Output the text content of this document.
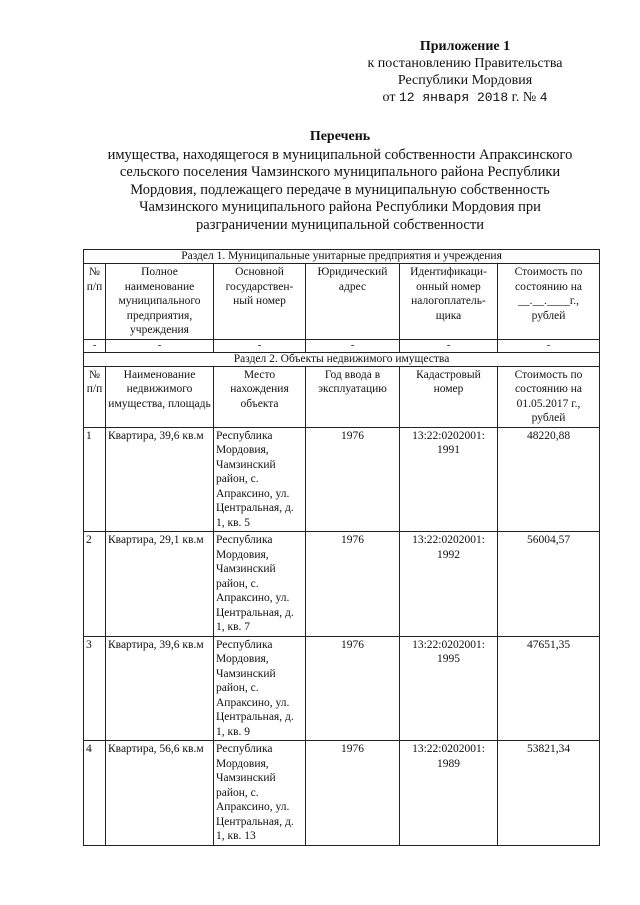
Приложение 1
к постановлению Правительства
Республики Мордовия
от 12 января 2018 г. № 4
Перечень
имущества, находящегося в муниципальной собственности Апраксинского
сельского поселения Чамзинского муниципального района Республики
Мордовия, подлежащего передаче в муниципальную собственность
Чамзинского муниципального района Республики Мордовия при
разграничении муниципальной собственности
Раздел 1. Муниципальные унитарные предприятия и учреждения					
№ п/п	Полное наименование муниципального предприятия, учреждения	Основной государствен-ный номер	Юридический адрес	Идентификаци-онный номер налогоплатель-щика	Стоимость по состоянию на __.__.____г., рублей
-	-	-	-	-	-
Раздел 2. Объекты недвижимого имущества					
№ п/п	Наименование недвижимого имущества, площадь	Место нахождения объекта	Год ввода в эксплуатацию	Кадастровый номер	Стоимость по состоянию на 01.05.2017 г., рублей
1	Квартира, 39,6 кв.м	Республика Мордовия, Чамзинский район, с. Апраксино, ул. Центральная, д. 1, кв. 5	1976	13:22:0202001: 1991	48220,88
2	Квартира, 29,1 кв.м	Республика Мордовия, Чамзинский район, с. Апраксино, ул. Центральная, д. 1, кв. 7	1976	13:22:0202001: 1992	56004,57
3	Квартира, 39,6 кв.м	Республика Мордовия, Чамзинский район, с. Апраксино, ул. Центральная, д. 1, кв. 9	1976	13:22:0202001: 1995	47651,35
4	Квартира, 56,6 кв.м	Республика Мордовия, Чамзинский район, с. Апраксино, ул. Центральная, д. 1, кв. 13	1976	13:22:0202001: 1989	53821,34
